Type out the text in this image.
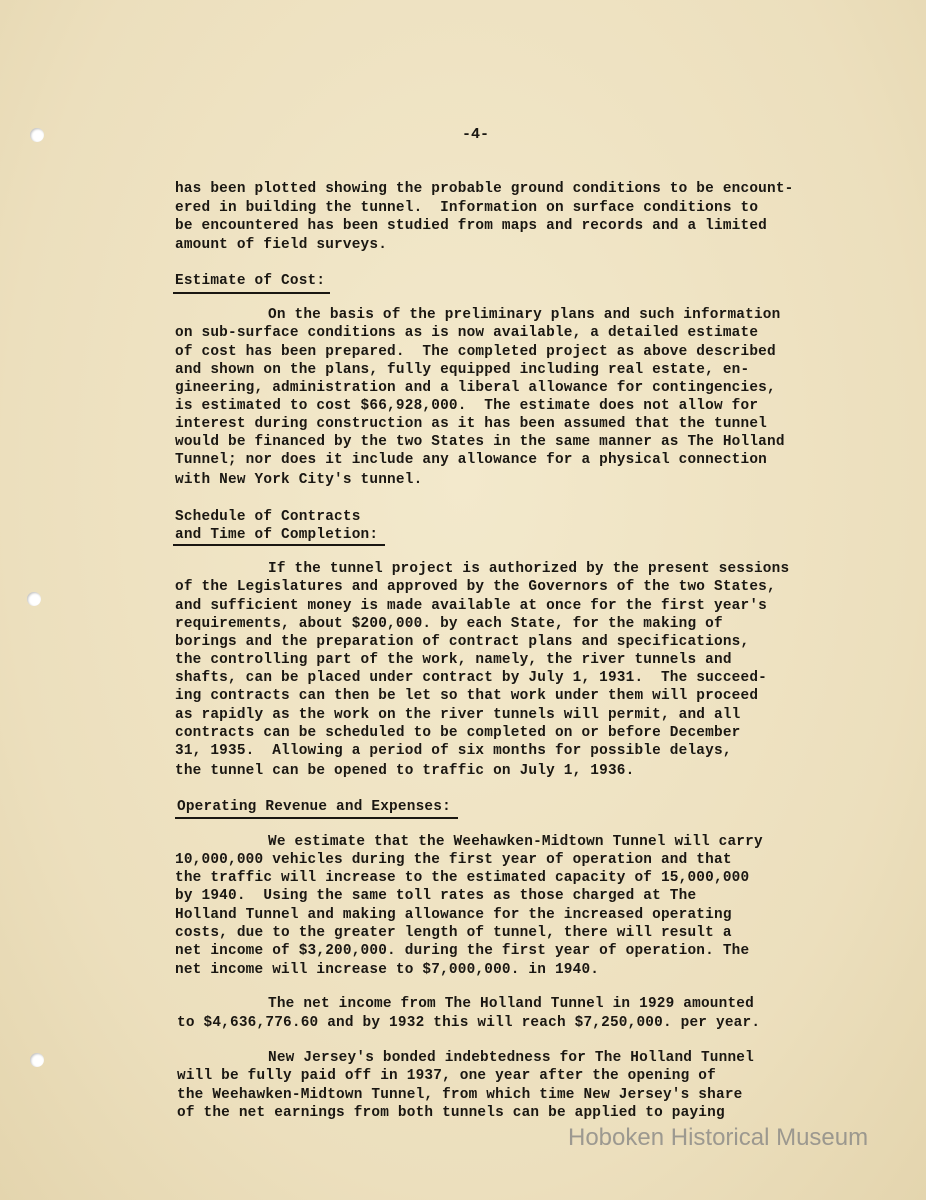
-4-
has been plotted showing the probable ground conditions to be encount-
ered in building the tunnel.  Information on surface conditions to
be encountered has been studied from maps and records and a limited
amount of field surveys.
Estimate of Cost:
On the basis of the preliminary plans and such information
on sub-surface conditions as is now available, a detailed estimate
of cost has been prepared.  The completed project as above described
and shown on the plans, fully equipped including real estate, en-
gineering, administration and a liberal allowance for contingencies,
is estimated to cost $66,928,000.  The estimate does not allow for
interest during construction as it has been assumed that the tunnel
would be financed by the two States in the same manner as The Holland
Tunnel; nor does it include any allowance for a physical connection
with New York City's tunnel.
Schedule of Contracts
and Time of Completion:
If the tunnel project is authorized by the present sessions
of the Legislatures and approved by the Governors of the two States,
and sufficient money is made available at once for the first year's
requirements, about $200,000. by each State, for the making of
borings and the preparation of contract plans and specifications,
the controlling part of the work, namely, the river tunnels and
shafts, can be placed under contract by July 1, 1931.  The succeed-
ing contracts can then be let so that work under them will proceed
as rapidly as the work on the river tunnels will permit, and all
contracts can be scheduled to be completed on or before December
31, 1935.  Allowing a period of six months for possible delays,
the tunnel can be opened to traffic on July 1, 1936.
Operating Revenue and Expenses:
We estimate that the Weehawken-Midtown Tunnel will carry
10,000,000 vehicles during the first year of operation and that
the traffic will increase to the estimated capacity of 15,000,000
by 1940.  Using the same toll rates as those charged at The
Holland Tunnel and making allowance for the increased operating
costs, due to the greater length of tunnel, there will result a
net income of $3,200,000. during the first year of operation. The
net income will increase to $7,000,000. in 1940.
The net income from The Holland Tunnel in 1929 amounted
to $4,636,776.60 and by 1932 this will reach $7,250,000. per year.
New Jersey's bonded indebtedness for The Holland Tunnel
will be fully paid off in 1937, one year after the opening of
the Weehawken-Midtown Tunnel, from which time New Jersey's share
of the net earnings from both tunnels can be applied to paying
Hoboken Historical Museum
